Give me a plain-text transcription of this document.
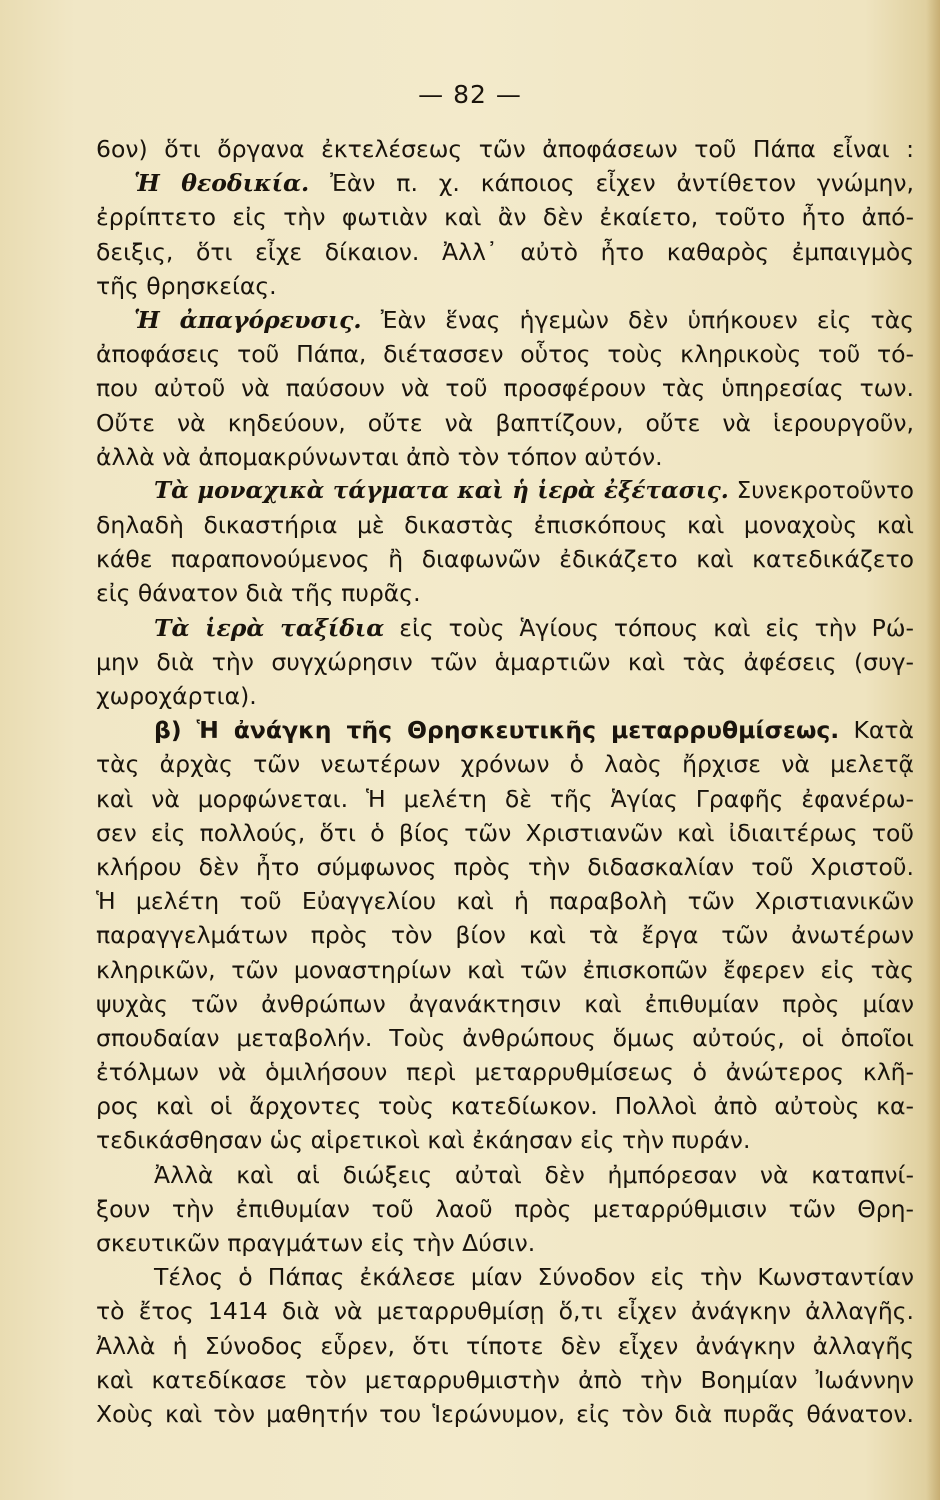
— 82 —
6ον) ὅτι ὄργανα ἐκτελέσεως τῶν ἀποφάσεων τοῦ Πάπα εἶναι :
Ἡ θεοδικία. Ἐὰν π. χ. κάποιος εἶχεν ἀντίθετον γνώμην,
ἐρρίπτετο εἰς τὴν φωτιὰν καὶ ἂν δὲν ἐκαίετο, τοῦτο ἦτο ἀπό-
δειξις, ὅτι εἶχε δίκαιον. Ἀλλ᾽ αὐτὸ ἦτο καθαρὸς ἐμπαιγμὸς
τῆς θρησκείας.
Ἡ ἀπαγόρευσις. Ἐὰν ἕνας ἡγεμὼν δὲν ὑπήκουεν εἰς τὰς
ἀποφάσεις τοῦ Πάπα, διέτασσεν οὗτος τοὺς κληρικοὺς τοῦ τό-
που αὐτοῦ νὰ παύσουν νὰ τοῦ προσφέρουν τὰς ὑπηρεσίας των.
Οὔτε νὰ κηδεύουν, οὔτε νὰ βαπτίζουν, οὔτε νὰ ἱερουργοῦν,
ἀλλὰ νὰ ἀπομακρύνωνται ἀπὸ τὸν τόπον αὐτόν.
Τὰ μοναχικὰ τάγματα καὶ ἡ ἱερὰ ἐξέτασις. Συνεκροτοῦντο
δηλαδὴ δικαστήρια μὲ δικαστὰς ἐπισκόπους καὶ μοναχοὺς καὶ
κάθε παραπονούμενος ἢ διαφωνῶν ἐδικάζετο καὶ κατεδικάζετο
εἰς θάνατον διὰ τῆς πυρᾶς.
Τὰ ἱερὰ ταξίδια εἰς τοὺς Ἁγίους τόπους καὶ εἰς τὴν Ρώ-
μην διὰ τὴν συγχώρησιν τῶν ἁμαρτιῶν καὶ τὰς ἀφέσεις (συγ-
χωροχάρτια).
β) Ἡ ἀνάγκη τῆς Θρησκευτικῆς μεταρρυθμίσεως. Κατὰ
τὰς ἀρχὰς τῶν νεωτέρων χρόνων ὁ λαὸς ἤρχισε νὰ μελετᾷ
καὶ νὰ μορφώνεται. Ἡ μελέτη δὲ τῆς Ἁγίας Γραφῆς ἐφανέρω-
σεν εἰς πολλούς, ὅτι ὁ βίος τῶν Χριστιανῶν καὶ ἰδιαιτέρως τοῦ
κλήρου δὲν ἦτο σύμφωνος πρὸς τὴν διδασκαλίαν τοῦ Χριστοῦ.
Ἡ μελέτη τοῦ Εὐαγγελίου καὶ ἡ παραβολὴ τῶν Χριστιανικῶν
παραγγελμάτων πρὸς τὸν βίον καὶ τὰ ἔργα τῶν ἀνωτέρων
κληρικῶν, τῶν μοναστηρίων καὶ τῶν ἐπισκοπῶν ἔφερεν εἰς τὰς
ψυχὰς τῶν ἀνθρώπων ἀγανάκτησιν καὶ ἐπιθυμίαν πρὸς μίαν
σπουδαίαν μεταβολήν. Τοὺς ἀνθρώπους ὅμως αὐτούς, οἱ ὁποῖοι
ἐτόλμων νὰ ὁμιλήσουν περὶ μεταρρυθμίσεως ὁ ἀνώτερος κλῆ-
ρος καὶ οἱ ἄρχοντες τοὺς κατεδίωκον. Πολλοὶ ἀπὸ αὐτοὺς κα-
τεδικάσθησαν ὡς αἱρετικοὶ καὶ ἐκάησαν εἰς τὴν πυράν.
Ἀλλὰ καὶ αἱ διώξεις αὐταὶ δὲν ἠμπόρεσαν νὰ καταπνί-
ξουν τὴν ἐπιθυμίαν τοῦ λαοῦ πρὸς μεταρρύθμισιν τῶν Θρη-
σκευτικῶν πραγμάτων εἰς τὴν Δύσιν.
Τέλος ὁ Πάπας ἐκάλεσε μίαν Σύνοδον εἰς τὴν Κωνσταντίαν
τὸ ἔτος 1414 διὰ νὰ μεταρρυθμίσῃ ὅ,τι εἶχεν ἀνάγκην ἀλλαγῆς.
Ἀλλὰ ἡ Σύνοδος εὗρεν, ὅτι τίποτε δὲν εἶχεν ἀνάγκην ἀλλαγῆς
καὶ κατεδίκασε τὸν μεταρρυθμιστὴν ἀπὸ τὴν Βοημίαν Ἰωάννην
Χοὺς καὶ τὸν μαθητήν του Ἱερώνυμον, εἰς τὸν διὰ πυρᾶς θάνατον.
